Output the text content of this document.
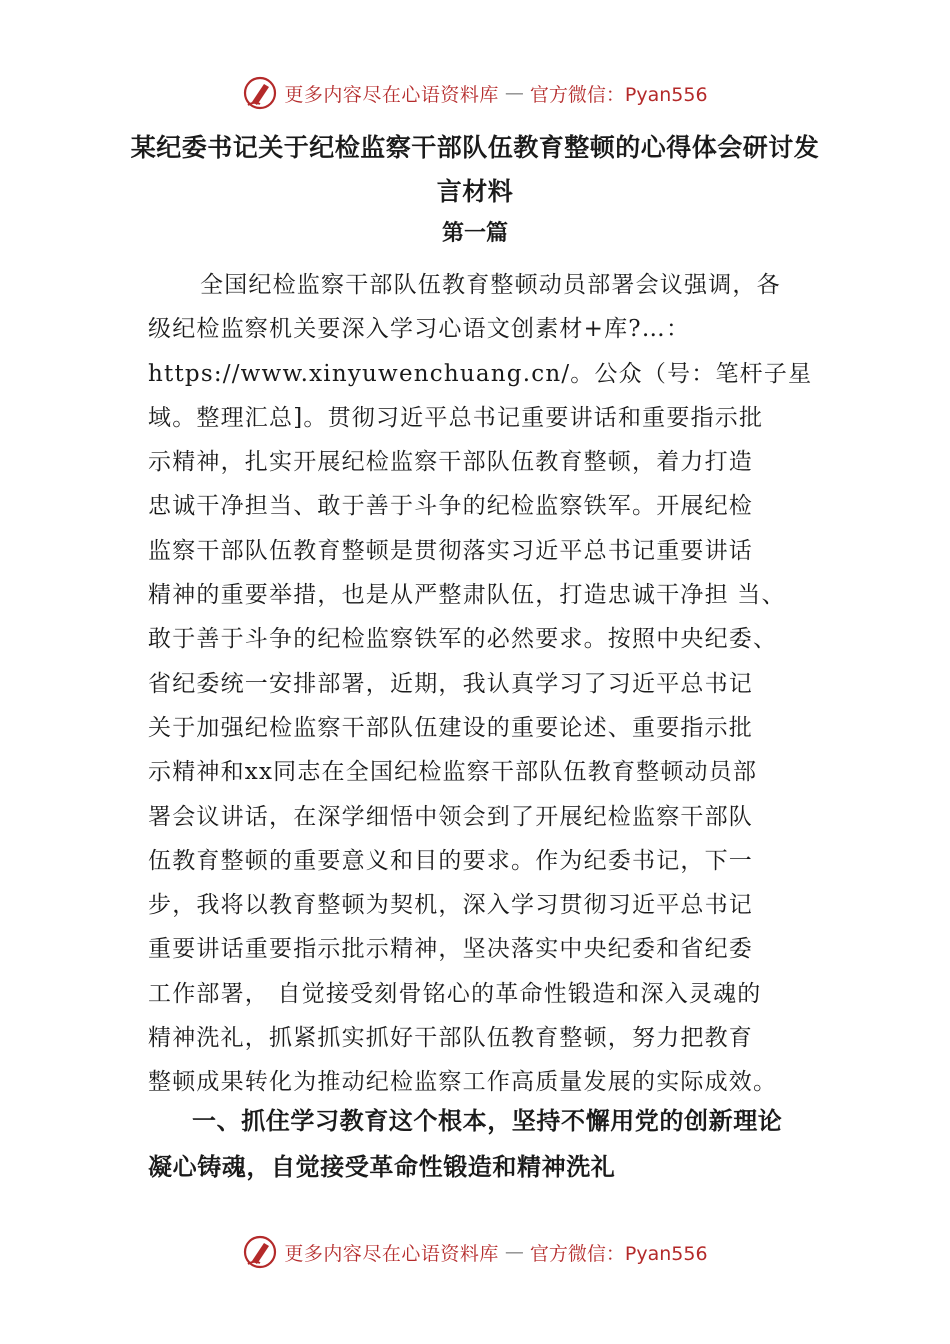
更多内容尽在心语资料库 — 官方微信：Pyan556
某纪委书记关于纪检监察干部队伍教育整顿的心得体会研讨发言材料
第一篇
全国纪检监察干部队伍教育整顿动员部署会议强调，各
级纪检监察机关要深入学习心语文创素材+库?…：
https://www.xinyuwenchuang.cn/。公众（号：笔杆子星
域。整理汇总]。贯彻习近平总书记重要讲话和重要指示批
示精神，扎实开展纪检监察干部队伍教育整顿，着力打造
忠诚干净担当、敢于善于斗争的纪检监察铁军。开展纪检
监察干部队伍教育整顿是贯彻落实习近平总书记重要讲话
精神的重要举措，也是从严整肃队伍，打造忠诚干净担 当、
敢于善于斗争的纪检监察铁军的必然要求。按照中央纪委、
省纪委统一安排部署，近期，我认真学习了习近平总书记
关于加强纪检监察干部队伍建设的重要论述、重要指示批
示精神和xx同志在全国纪检监察干部队伍教育整顿动员部
署会议讲话，在深学细悟中领会到了开展纪检监察干部队
伍教育整顿的重要意义和目的要求。作为纪委书记，下一
步，我将以教育整顿为契机，深入学习贯彻习近平总书记
重要讲话重要指示批示精神，坚决落实中央纪委和省纪委
工作部署， 自觉接受刻骨铭心的革命性锻造和深入灵魂的
精神洗礼，抓紧抓实抓好干部队伍教育整顿，努力把教育
整顿成果转化为推动纪检监察工作高质量发展的实际成效。
一、抓住学习教育这个根本，坚持不懈用党的创新理论
凝心铸魂，自觉接受革命性锻造和精神洗礼
更多内容尽在心语资料库 — 官方微信：Pyan556
